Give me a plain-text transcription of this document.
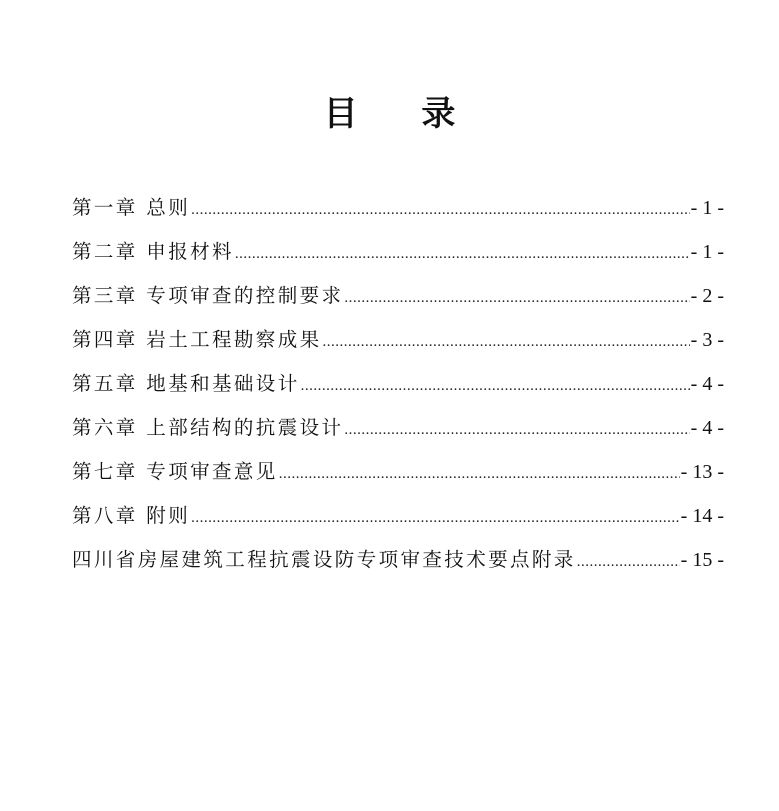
目 录
第一章 总则 .....	- 1 -
第二章 申报材料 .....	- 1 -
第三章 专项审查的控制要求 .....	- 2 -
第四章 岩土工程勘察成果 .....	- 3 -
第五章 地基和基础设计 .....	- 4 -
第六章 上部结构的抗震设计 .....	- 4 -
第七章 专项审查意见 .....	- 13 -
第八章 附则 .....	- 14 -
四川省房屋建筑工程抗震设防专项审查技术要点附录 .....	- 15 -
